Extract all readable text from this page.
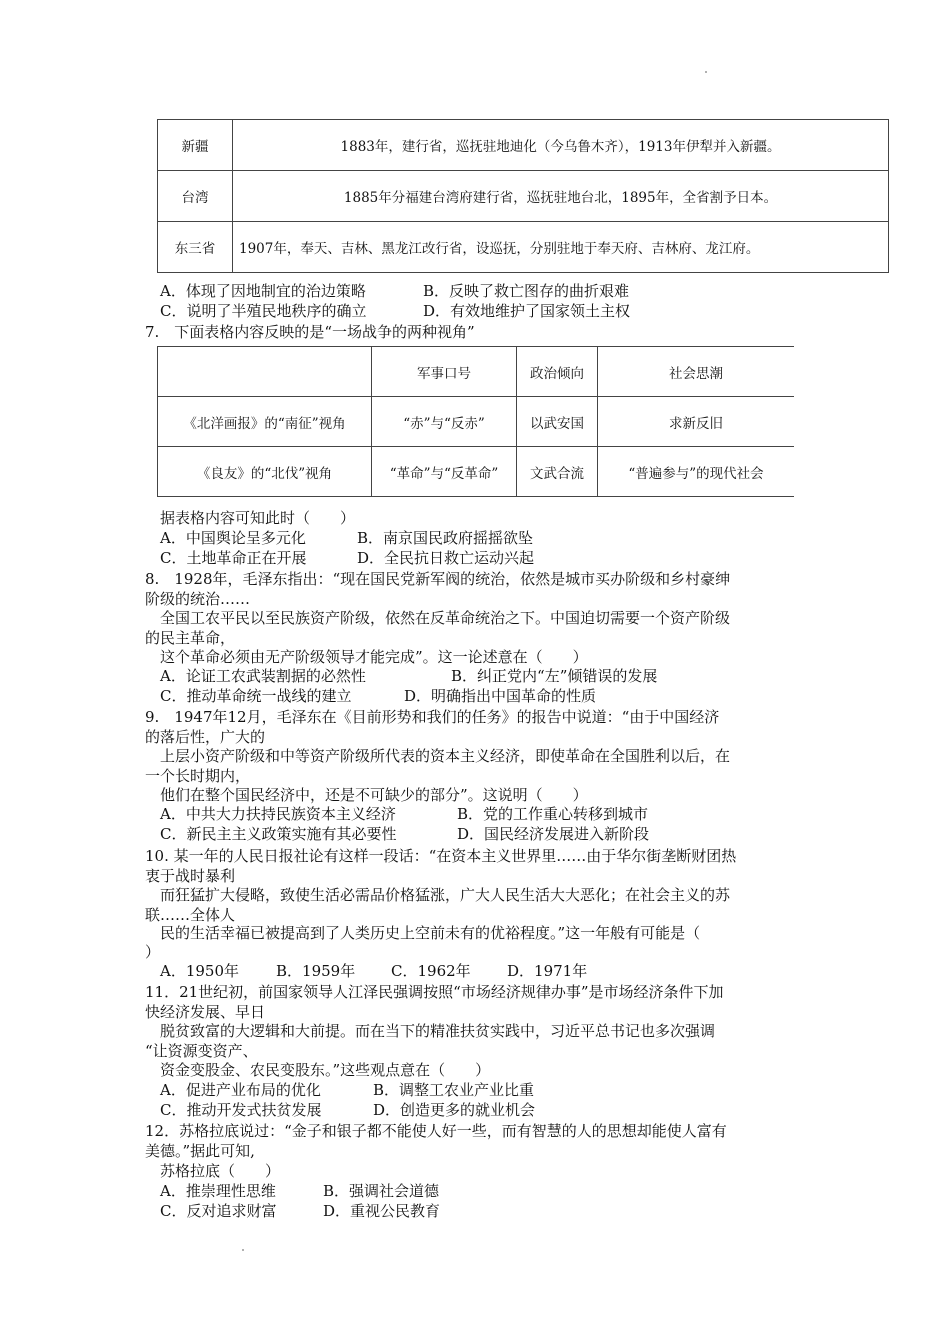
新疆	1883年，建行省，巡抚驻地迪化（今乌鲁木齐），1913年伊犁并入新疆。
台湾	1885年分福建台湾府建行省，巡抚驻地台北，1895年，全省割予日本。
东三省	1907年，奉天、吉林、黑龙江改行省，设巡抚，分别驻地于奉天府、吉林府、龙江府。
A．体现了因地制宜的治边策略	B．反映了救亡图存的曲折艰难
C．说明了半殖民地秩序的确立	D．有效地维护了国家领土主权
7.　下面表格内容反映的是“一场战争的两种视角”
	军事口号	政治倾向	社会思潮
《北洋画报》的“南征”视角	“赤”与“反赤”	以武安国	求新反旧
《良友》的“北伐”视角	“革命”与“反革命”	文武合流	“普遍参与”的现代社会
据表格内容可知此时（　　）
A．中国舆论呈多元化	B．南京国民政府摇摇欲坠
C．土地革命正在开展	D．全民抗日救亡运动兴起
8.　1928年，毛泽东指出：“现在国民党新军阀的统治，依然是城市买办阶级和乡村豪绅
阶级的统治……
全国工农平民以至民族资产阶级，依然在反革命统治之下。中国迫切需要一个资产阶级
的民主革命，
这个革命必须由无产阶级领导才能完成”。这一论述意在（　　）
A．论证工农武装割据的必然性	B．纠正党内“左”倾错误的发展
C．推动革命统一战线的建立	D．明确指出中国革命的性质
9.　1947年12月，毛泽东在《目前形势和我们的任务》的报告中说道：“由于中国经济
的落后性，广大的
上层小资产阶级和中等资产阶级所代表的资本主义经济，即使革命在全国胜利以后，在
一个长时期内，
他们在整个国民经济中，还是不可缺少的部分”。这说明（　　）
A．中共大力扶持民族资本主义经济	B．党的工作重心转移到城市
C．新民主主义政策实施有其必要性	D．国民经济发展进入新阶段
10. 某一年的人民日报社论有这样一段话：“在资本主义世界里……由于华尔街垄断财团热
衷于战时暴利
而狂猛扩大侵略，致使生活必需品价格猛涨，广大人民生活大大恶化；在社会主义的苏
联……全体人
民的生活幸福已被提高到了人类历史上空前未有的优裕程度。”这一年般有可能是（
）
A．1950年 B．1959年 C．1962年 D．1971年
11．21世纪初，前国家领导人江泽民强调按照“市场经济规律办事”是市场经济条件下加
快经济发展、早日
脱贫致富的大逻辑和大前提。而在当下的精准扶贫实践中，习近平总书记也多次强调
“让资源变资产、
资金变股金、农民变股东。”这些观点意在（　　）
A．促进产业布局的优化	B．调整工农业产业比重
C．推动开发式扶贫发展	D．创造更多的就业机会
12．苏格拉底说过：“金子和银子都不能使人好一些，而有智慧的人的思想却能使人富有
美德。”据此可知,
苏格拉底（　　）
A．推崇理性思维	B．强调社会道德
C．反对追求财富	D．重视公民教育
